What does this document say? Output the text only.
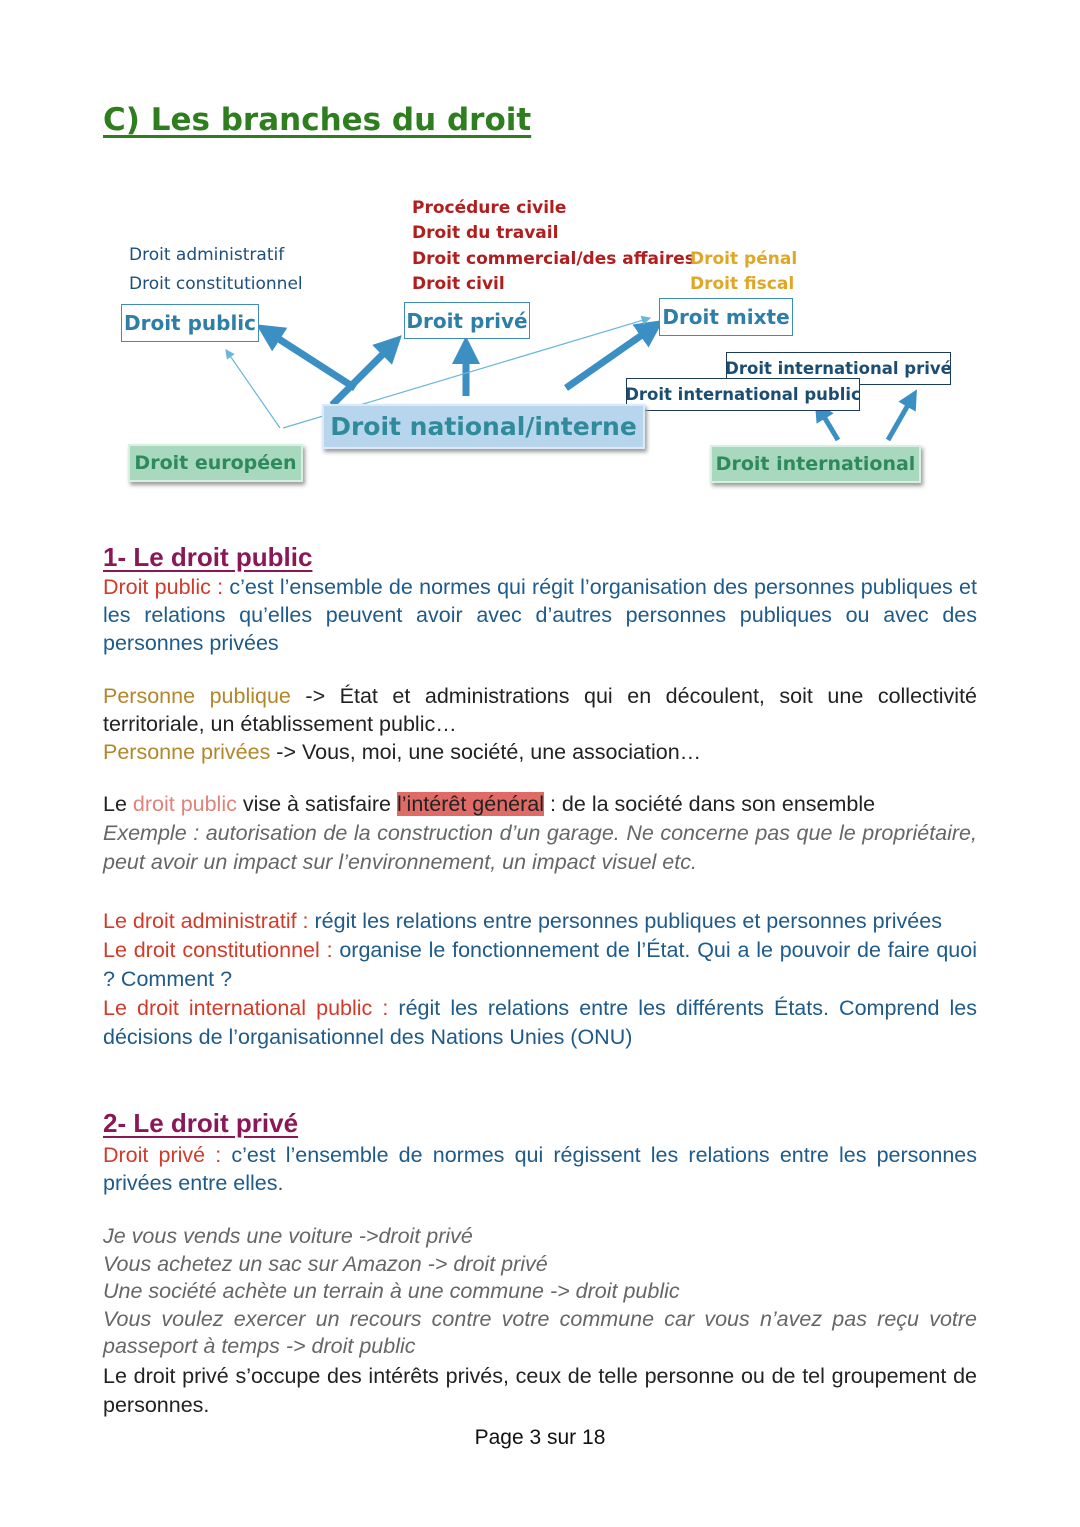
C) Les branches du droit
Droit administratif
Droit constitutionnel
Procédure civile
Droit du travail
Droit commercial/des affaires
Droit civil
Droit pénal
Droit fiscal
Droit public	Droit privé	Droit mixte
Droit international privé
Droit international public
Droit national/interne
Droit européen	Droit international
1- Le droit public
Droit public : c’est l’ensemble de normes qui régit l’organisation des personnes publiques et les relations qu’elles peuvent avoir avec d’autres personnes publiques ou avec des personnes privées

Personne publique -> État et administrations qui en découlent, soit une collectivité territoriale, un établissement public…

Personne privées -> Vous, moi, une société, une association…

Le droit public vise à satisfaire l’intérêt général : de la société dans son ensemble

Exemple : autorisation de la construction d’un garage. Ne concerne pas que le propriétaire, peut avoir un impact sur l’environnement, un impact visuel etc.

Le droit administratif : régit les relations entre personnes publiques et personnes privées

Le droit constitutionnel : organise le fonctionnement de l’État. Qui a le pouvoir de faire quoi ? Comment ?

Le droit international public : régit les relations entre les différents États. Comprend les décisions de l’organisationnel des Nations Unies (ONU)

2- Le droit privé
Droit privé : c’est l’ensemble de normes qui régissent les relations entre les personnes privées entre elles.

Je vous vends une voiture ->droit privé

Vous achetez un sac sur Amazon -> droit privé

Une société achète un terrain à une commune -> droit public

Vous voulez exercer un recours contre votre commune car vous n’avez pas reçu votre passeport à temps -> droit public

Le droit privé s’occupe des intérêts privés, ceux de telle personne ou de tel groupement de personnes.
Page 3 sur 18
